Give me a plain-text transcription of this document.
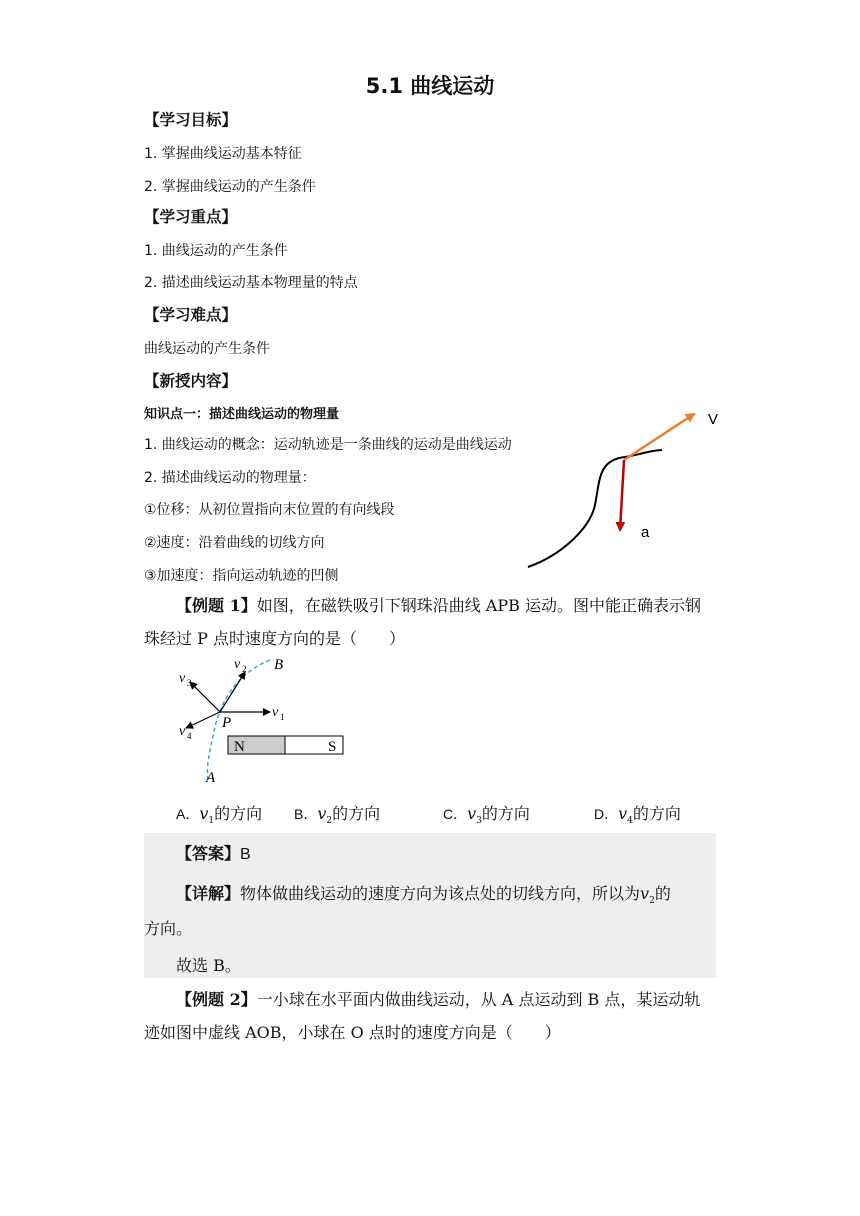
5.1 曲线运动
【学习目标】
1. 掌握曲线运动基本特征
2. 掌握曲线运动的产生条件
【学习重点】
1. 曲线运动的产生条件
2. 描述曲线运动基本物理量的特点
【学习难点】
曲线运动的产生条件
【新授内容】
知识点一：描述曲线运动的物理量
1. 曲线运动的概念：运动轨迹是一条曲线的运动是曲线运动
2. 描述曲线运动的物理量：
①位移：从初位置指向末位置的有向线段
②速度：沿着曲线的切线方向
③加速度：指向运动轨迹的凹侧
V
a
【例题 1】如图，在磁铁吸引下钢珠沿曲线 APB 运动。图中能正确表示钢
珠经过 P 点时速度方向的是（　　）
v 3
v 2 B
v 1
v 4
P
A
N	S
A．$v_1$的方向 B．$v_2$的方向	C．$v_3$的方向	D．$v_4$的方向
【答案】B
【详解】物体做曲线运动的速度方向为该点处的切线方向，所以为$v_2$的
方向。
故选 B。
【例题 2】一小球在水平面内做曲线运动，从 A 点运动到 B 点，某运动轨
迹如图中虚线 AOB，小球在 O 点时的速度方向是（　　）
